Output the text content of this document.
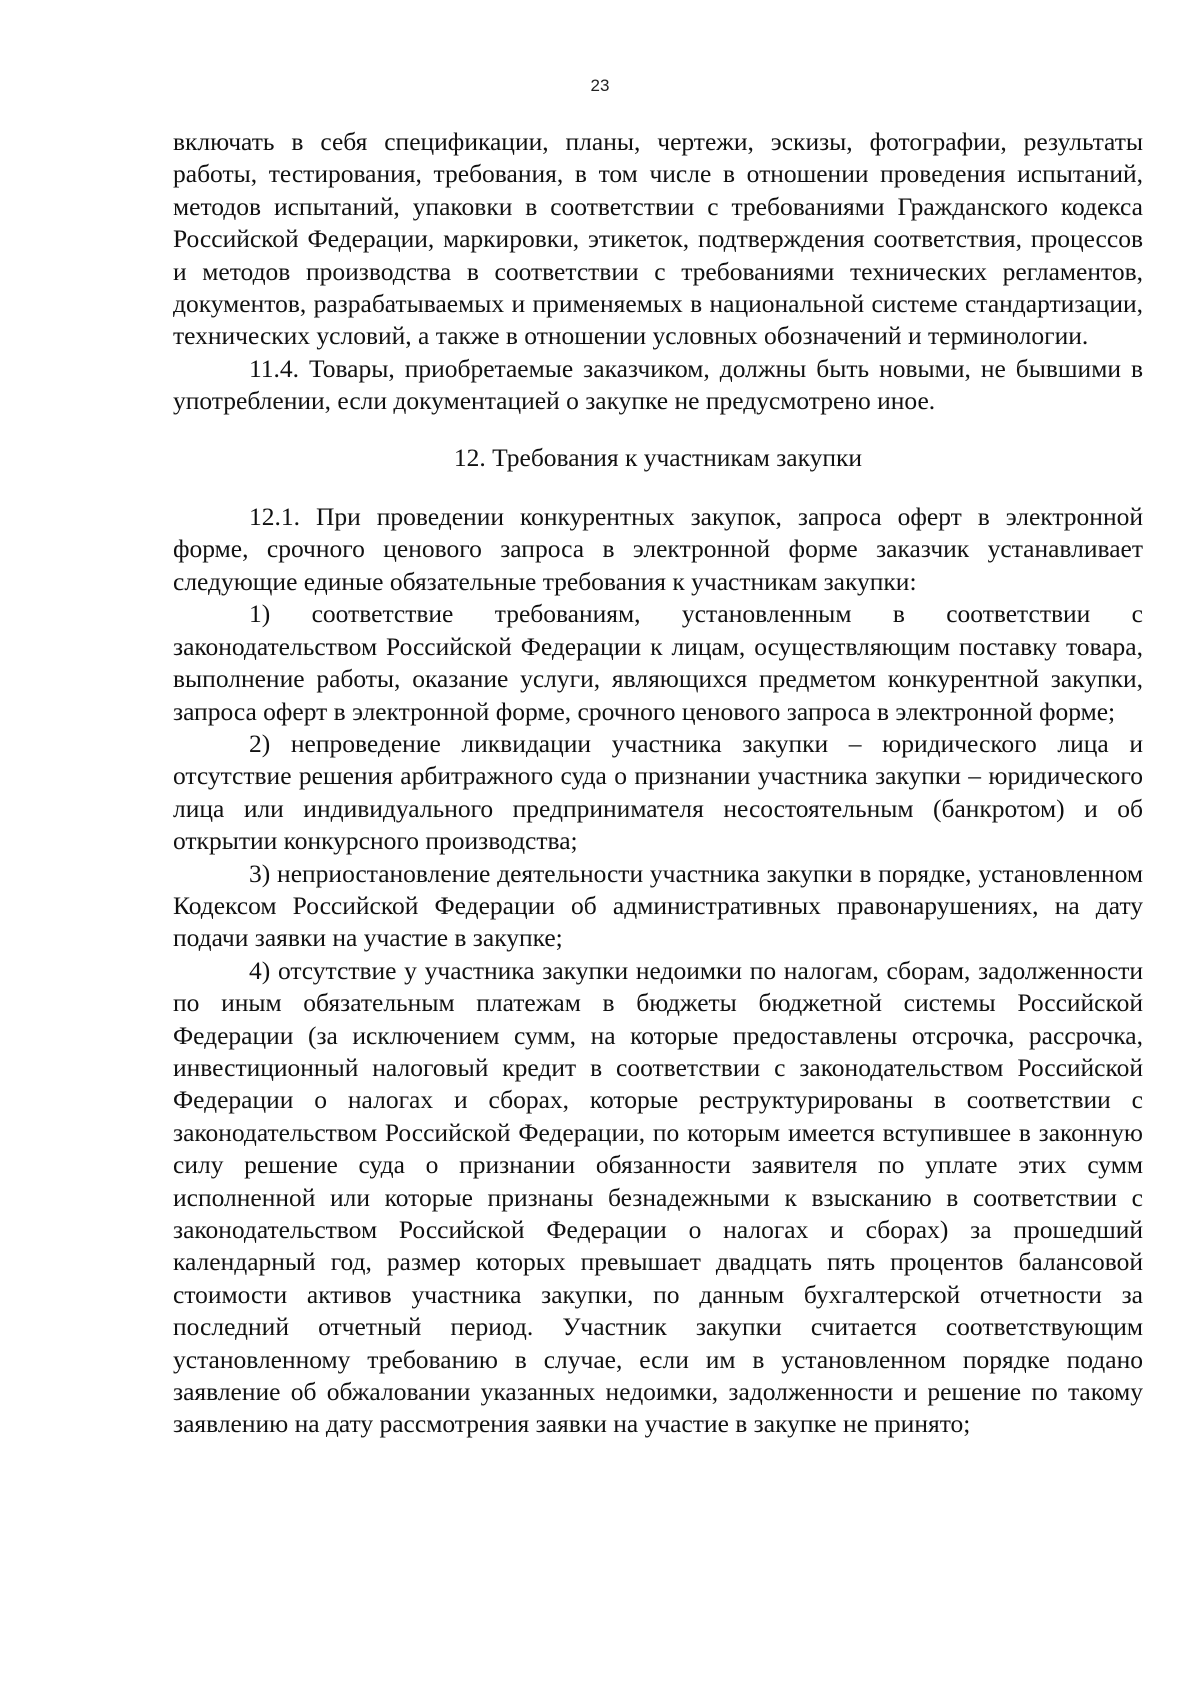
23

включать в себя спецификации, планы, чертежи, эскизы, фотографии, результаты работы, тестирования, требования, в том числе в отношении проведения испытаний, методов испытаний, упаковки в соответствии с требованиями Гражданского кодекса Российской Федерации, маркировки, этикеток, подтверждения соответствия, процессов и методов производства в соответствии с требованиями технических регламентов, документов, разрабатываемых и применяемых в национальной системе стандартизации, технических условий, а также в отношении условных обозначений и терминологии.

11.4. Товары, приобретаемые заказчиком, должны быть новыми, не бывшими в употреблении, если документацией о закупке не предусмотрено иное.

12. Требования к участникам закупки

12.1. При проведении конкурентных закупок, запроса оферт в электронной форме, срочного ценового запроса в электронной форме заказчик устанавливает следующие единые обязательные требования к участникам закупки:

1) соответствие требованиям, установленным в соответствии с законодательством Российской Федерации к лицам, осуществляющим поставку товара, выполнение работы, оказание услуги, являющихся предметом конкурентной закупки, запроса оферт в электронной форме, срочного ценового запроса в электронной форме;

2) непроведение ликвидации участника закупки – юридического лица и отсутствие решения арбитражного суда о признании участника закупки – юридического лица или индивидуального предпринимателя несостоятельным (банкротом) и об открытии конкурсного производства;

3) неприостановление деятельности участника закупки в порядке, установленном Кодексом Российской Федерации об административных правонарушениях, на дату подачи заявки на участие в закупке;

4) отсутствие у участника закупки недоимки по налогам, сборам, задолженности по иным обязательным платежам в бюджеты бюджетной системы Российской Федерации (за исключением сумм, на которые предоставлены отсрочка, рассрочка, инвестиционный налоговый кредит в соответствии с законодательством Российской Федерации о налогах и сборах, которые реструктурированы в соответствии с законодательством Российской Федерации, по которым имеется вступившее в законную силу решение суда о признании обязанности заявителя по уплате этих сумм исполненной или которые признаны безнадежными к взысканию в соответствии с законодательством Российской Федерации о налогах и сборах) за прошедший календарный год, размер которых превышает двадцать пять процентов балансовой стоимости активов участника закупки, по данным бухгалтерской отчетности за последний отчетный период. Участник закупки считается соответствующим установленному требованию в случае, если им в установленном порядке подано заявление об обжаловании указанных недоимки, задолженности и решение по такому заявлению на дату рассмотрения заявки на участие в закупке не принято;
